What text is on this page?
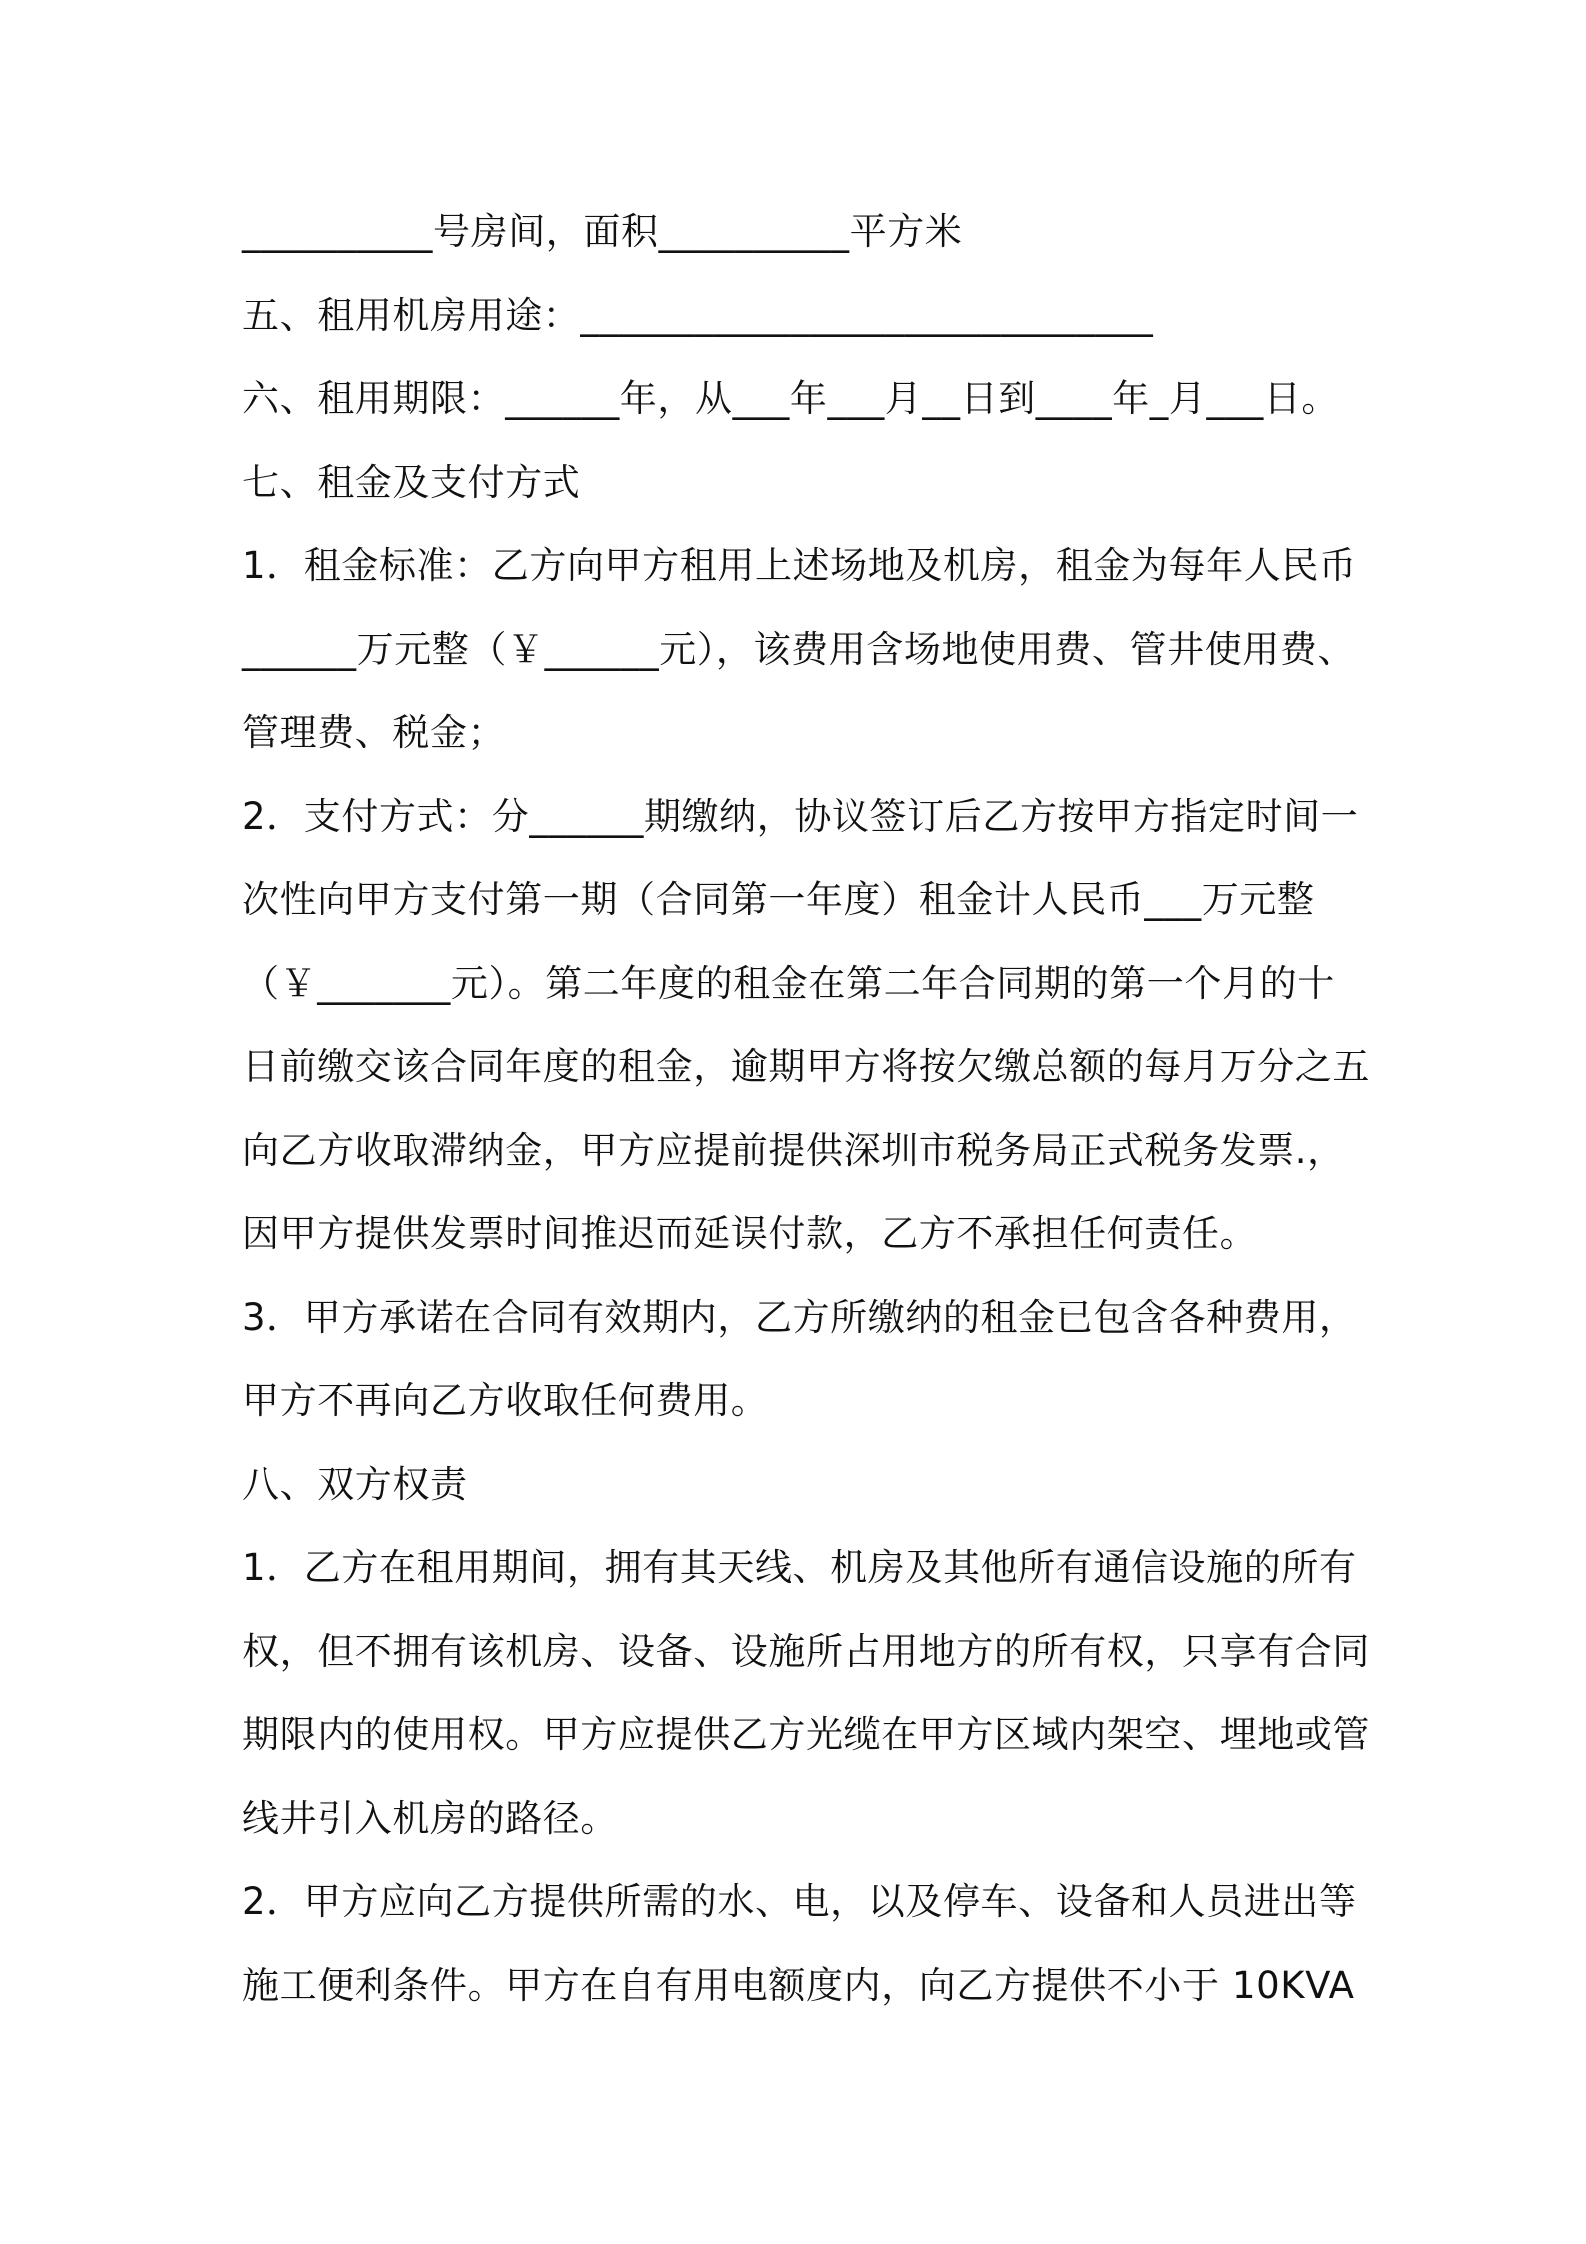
__________号房间，面积__________平方米
五、租用机房用途：______________________________
六、租用期限：______年，从___年___月__日到____年_月___日。
七、租金及支付方式
1．租金标准：乙方向甲方租用上述场地及机房，租金为每年人民币
______万元整（￥______元），该费用含场地使用费、管井使用费、
管理费、税金；
2．支付方式：分______期缴纳，协议签订后乙方按甲方指定时间一
次性向甲方支付第一期（合同第一年度）租金计人民币___万元整
（￥_______元）。第二年度的租金在第二年合同期的第一个月的十
日前缴交该合同年度的租金，逾期甲方将按欠缴总额的每月万分之五
向乙方收取滞纳金，甲方应提前提供深圳市税务局正式税务发票.，
因甲方提供发票时间推迟而延误付款，乙方不承担任何责任。
3．甲方承诺在合同有效期内，乙方所缴纳的租金已包含各种费用，
甲方不再向乙方收取任何费用。
八、双方权责
1．乙方在租用期间，拥有其天线、机房及其他所有通信设施的所有
权，但不拥有该机房、设备、设施所占用地方的所有权，只享有合同
期限内的使用权。甲方应提供乙方光缆在甲方区域内架空、埋地或管
线井引入机房的路径。
2．甲方应向乙方提供所需的水、电，以及停车、设备和人员进出等
施工便利条件。甲方在自有用电额度内，向乙方提供不小于 10KVA
